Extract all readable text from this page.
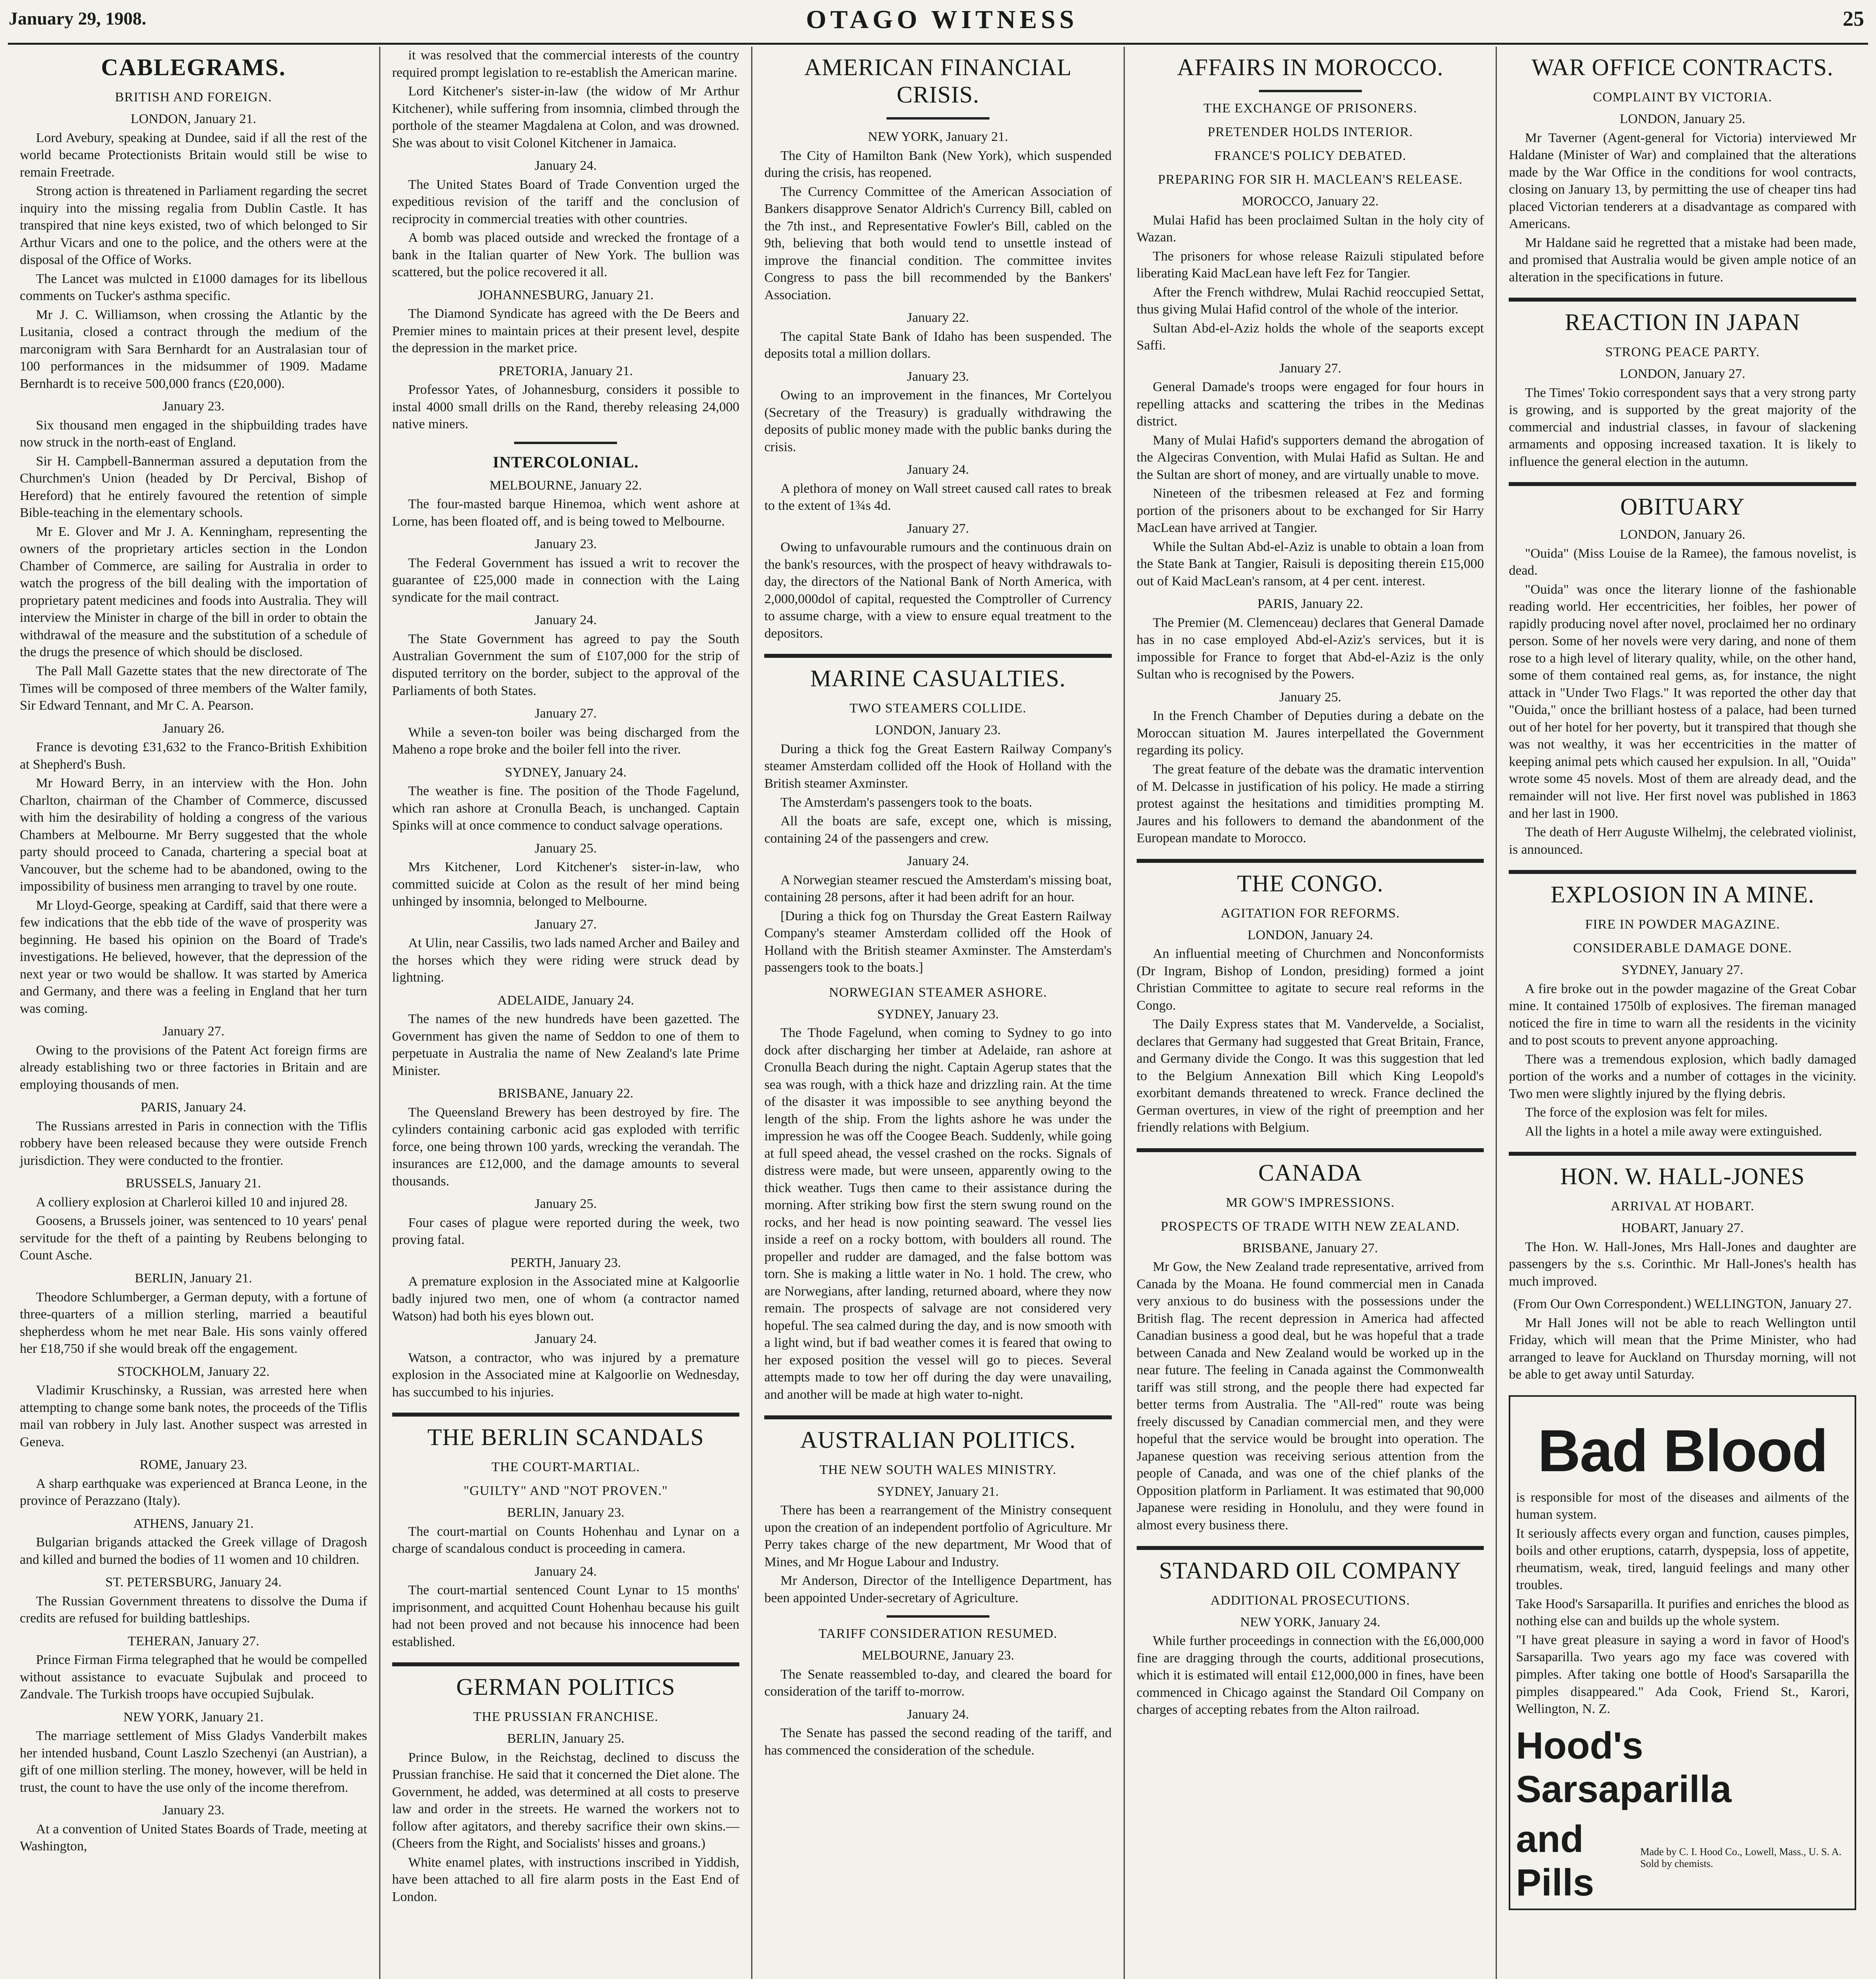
January 29, 1908.	OTAGO WITNESS	25
CABLEGRAMS.
BRITISH AND FOREIGN.

LONDON, January 21.

Lord Avebury, speaking at Dundee, said if all the rest of the world became Protectionists Britain would still be wise to remain Freetrade.

Strong action is threatened in Parliament regarding the secret inquiry into the missing regalia from Dublin Castle. It has transpired that nine keys existed, two of which belonged to Sir Arthur Vicars and one to the police, and the others were at the disposal of the Office of Works.

The Lancet was mulcted in £1000 damages for its libellous comments on Tucker's asthma specific.

Mr J. C. Williamson, when crossing the Atlantic by the Lusitania, closed a contract through the medium of the marconigram with Sara Bernhardt for an Australasian tour of 100 performances in the midsummer of 1909. Madame Bernhardt is to receive 500,000 francs (£20,000).

January 23.

Six thousand men engaged in the shipbuilding trades have now struck in the north-east of England.

Sir H. Campbell-Bannerman assured a deputation from the Churchmen's Union (headed by Dr Percival, Bishop of Hereford) that he entirely favoured the retention of simple Bible-teaching in the elementary schools.

Mr E. Glover and Mr J. A. Kenningham, representing the owners of the proprietary articles section in the London Chamber of Commerce, are sailing for Australia in order to watch the progress of the bill dealing with the importation of proprietary patent medicines and foods into Australia. They will interview the Minister in charge of the bill in order to obtain the withdrawal of the measure and the substitution of a schedule of the drugs the presence of which should be disclosed.

The Pall Mall Gazette states that the new directorate of The Times will be composed of three members of the Walter family, Sir Edward Tennant, and Mr C. A. Pearson.

January 26.

France is devoting £31,632 to the Franco-British Exhibition at Shepherd's Bush.

Mr Howard Berry, in an interview with the Hon. John Charlton, chairman of the Chamber of Commerce, discussed with him the desirability of holding a congress of the various Chambers at Melbourne. Mr Berry suggested that the whole party should proceed to Canada, chartering a special boat at Vancouver, but the scheme had to be abandoned, owing to the impossibility of business men arranging to travel by one route.

Mr Lloyd-George, speaking at Cardiff, said that there were a few indications that the ebb tide of the wave of prosperity was beginning. He based his opinion on the Board of Trade's investigations. He believed, however, that the depression of the next year or two would be shallow. It was started by America and Germany, and there was a feeling in England that her turn was coming.

January 27.

Owing to the provisions of the Patent Act foreign firms are already establishing two or three factories in Britain and are employing thousands of men.

PARIS, January 24.

The Russians arrested in Paris in connection with the Tiflis robbery have been released because they were outside French jurisdiction. They were conducted to the frontier.

BRUSSELS, January 21.

A colliery explosion at Charleroi killed 10 and injured 28.

Goosens, a Brussels joiner, was sentenced to 10 years' penal servitude for the theft of a painting by Reubens belonging to Count Asche.

BERLIN, January 21.

Theodore Schlumberger, a German deputy, with a fortune of three-quarters of a million sterling, married a beautiful shepherdess whom he met near Bale. His sons vainly offered her £18,750 if she would break off the engagement.

STOCKHOLM, January 22.

Vladimir Kruschinsky, a Russian, was arrested here when attempting to change some bank notes, the proceeds of the Tiflis mail van robbery in July last. Another suspect was arrested in Geneva.

ROME, January 23.

A sharp earthquake was experienced at Branca Leone, in the province of Perazzano (Italy).

ATHENS, January 21.

Bulgarian brigands attacked the Greek village of Dragosh and killed and burned the bodies of 11 women and 10 children.

ST. PETERSBURG, January 24.

The Russian Government threatens to dissolve the Duma if credits are refused for building battleships.

TEHERAN, January 27.

Prince Firman Firma telegraphed that he would be compelled without assistance to evacuate Sujbulak and proceed to Zandvale. The Turkish troops have occupied Sujbulak.

NEW YORK, January 21.

The marriage settlement of Miss Gladys Vanderbilt makes her intended husband, Count Laszlo Szechenyi (an Austrian), a gift of one million sterling. The money, however, will be held in trust, the count to have the use only of the income therefrom.

January 23.

At a convention of United States Boards of Trade, meeting at Washington,

it was resolved that the commercial interests of the country required prompt legislation to re-establish the American marine.

Lord Kitchener's sister-in-law (the widow of Mr Arthur Kitchener), while suffering from insomnia, climbed through the porthole of the steamer Magdalena at Colon, and was drowned. She was about to visit Colonel Kitchener in Jamaica.

January 24.

The United States Board of Trade Convention urged the expeditious revision of the tariff and the conclusion of reciprocity in commercial treaties with other countries.

A bomb was placed outside and wrecked the frontage of a bank in the Italian quarter of New York. The bullion was scattered, but the police recovered it all.

JOHANNESBURG, January 21.

The Diamond Syndicate has agreed with the De Beers and Premier mines to maintain prices at their present level, despite the depression in the market price.

PRETORIA, January 21.

Professor Yates, of Johannesburg, considers it possible to instal 4000 small drills on the Rand, thereby releasing 24,000 native miners.

INTERCOLONIAL.

MELBOURNE, January 22.

The four-masted barque Hinemoa, which went ashore at Lorne, has been floated off, and is being towed to Melbourne.

January 23.

The Federal Government has issued a writ to recover the guarantee of £25,000 made in connection with the Laing syndicate for the mail contract.

January 24.

The State Government has agreed to pay the South Australian Government the sum of £107,000 for the strip of disputed territory on the border, subject to the approval of the Parliaments of both States.

January 27.

While a seven-ton boiler was being discharged from the Maheno a rope broke and the boiler fell into the river.

SYDNEY, January 24.

The weather is fine. The position of the Thode Fagelund, which ran ashore at Cronulla Beach, is unchanged. Captain Spinks will at once commence to conduct salvage operations.

January 25.

Mrs Kitchener, Lord Kitchener's sister-in-law, who committed suicide at Colon as the result of her mind being unhinged by insomnia, belonged to Melbourne.

January 27.

At Ulin, near Cassilis, two lads named Archer and Bailey and the horses which they were riding were struck dead by lightning.

ADELAIDE, January 24.

The names of the new hundreds have been gazetted. The Government has given the name of Seddon to one of them to perpetuate in Australia the name of New Zealand's late Prime Minister.

BRISBANE, January 22.

The Queensland Brewery has been destroyed by fire. The cylinders containing carbonic acid gas exploded with terrific force, one being thrown 100 yards, wrecking the verandah. The insurances are £12,000, and the damage amounts to several thousands.

January 25.

Four cases of plague were reported during the week, two proving fatal.

PERTH, January 23.

A premature explosion in the Associated mine at Kalgoorlie badly injured two men, one of whom (a contractor named Watson) had both his eyes blown out.

January 24.

Watson, a contractor, who was injured by a premature explosion in the Associated mine at Kalgoorlie on Wednesday, has succumbed to his injuries.

THE BERLIN SCANDALS
THE COURT-MARTIAL.
"GUILTY" AND "NOT PROVEN."

BERLIN, January 23.

The court-martial on Counts Hohenhau and Lynar on a charge of scandalous conduct is proceeding in camera.

January 24.

The court-martial sentenced Count Lynar to 15 months' imprisonment, and acquitted Count Hohenhau because his guilt had not been proved and not because his innocence had been established.

GERMAN POLITICS
THE PRUSSIAN FRANCHISE.

BERLIN, January 25.

Prince Bulow, in the Reichstag, declined to discuss the Prussian franchise. He said that it concerned the Diet alone. The Government, he added, was determined at all costs to preserve law and order in the streets. He warned the workers not to follow after agitators, and thereby sacrifice their own skins.—(Cheers from the Right, and Socialists' hisses and groans.)

White enamel plates, with instructions inscribed in Yiddish, have been attached to all fire alarm posts in the East End of London.

AMERICAN FINANCIAL CRISIS.

NEW YORK, January 21.

The City of Hamilton Bank (New York), which suspended during the crisis, has reopened.

The Currency Committee of the American Association of Bankers disapprove Senator Aldrich's Currency Bill, cabled on the 7th inst., and Representative Fowler's Bill, cabled on the 9th, believing that both would tend to unsettle instead of improve the financial condition. The committee invites Congress to pass the bill recommended by the Bankers' Association.

January 22.

The capital State Bank of Idaho has been suspended. The deposits total a million dollars.

January 23.

Owing to an improvement in the finances, Mr Cortelyou (Secretary of the Treasury) is gradually withdrawing the deposits of public money made with the public banks during the crisis.

January 24.

A plethora of money on Wall street caused call rates to break to the extent of 1¾s 4d.

January 27.

Owing to unfavourable rumours and the continuous drain on the bank's resources, with the prospect of heavy withdrawals to-day, the directors of the National Bank of North America, with 2,000,000dol of capital, requested the Comptroller of Currency to assume charge, with a view to ensure equal treatment to the depositors.

MARINE CASUALTIES.
TWO STEAMERS COLLIDE.

LONDON, January 23.

During a thick fog the Great Eastern Railway Company's steamer Amsterdam collided off the Hook of Holland with the British steamer Axminster.

The Amsterdam's passengers took to the boats.

All the boats are safe, except one, which is missing, containing 24 of the passengers and crew.

January 24.

A Norwegian steamer rescued the Amsterdam's missing boat, containing 28 persons, after it had been adrift for an hour.

[During a thick fog on Thursday the Great Eastern Railway Company's steamer Amsterdam collided off the Hook of Holland with the British steamer Axminster. The Amsterdam's passengers took to the boats.]

NORWEGIAN STEAMER ASHORE.

SYDNEY, January 23.

The Thode Fagelund, when coming to Sydney to go into dock after discharging her timber at Adelaide, ran ashore at Cronulla Beach during the night. Captain Agerup states that the sea was rough, with a thick haze and drizzling rain. At the time of the disaster it was impossible to see anything beyond the length of the ship. From the lights ashore he was under the impression he was off the Coogee Beach. Suddenly, while going at full speed ahead, the vessel crashed on the rocks. Signals of distress were made, but were unseen, apparently owing to the thick weather. Tugs then came to their assistance during the morning. After striking bow first the stern swung round on the rocks, and her head is now pointing seaward. The vessel lies inside a reef on a rocky bottom, with boulders all round. The propeller and rudder are damaged, and the false bottom was torn. She is making a little water in No. 1 hold. The crew, who are Norwegians, after landing, returned aboard, where they now remain. The prospects of salvage are not considered very hopeful. The sea calmed during the day, and is now smooth with a light wind, but if bad weather comes it is feared that owing to her exposed position the vessel will go to pieces. Several attempts made to tow her off during the day were unavailing, and another will be made at high water to-night.

AUSTRALIAN POLITICS.
THE NEW SOUTH WALES MINISTRY.

SYDNEY, January 21.

There has been a rearrangement of the Ministry consequent upon the creation of an independent portfolio of Agriculture. Mr Perry takes charge of the new department, Mr Wood that of Mines, and Mr Hogue Labour and Industry.

Mr Anderson, Director of the Intelligence Department, has been appointed Under-secretary of Agriculture.

TARIFF CONSIDERATION RESUMED.

MELBOURNE, January 23.

The Senate reassembled to-day, and cleared the board for consideration of the tariff to-morrow.

January 24.

The Senate has passed the second reading of the tariff, and has commenced the consideration of the schedule.

AFFAIRS IN MOROCCO.
THE EXCHANGE OF PRISONERS.
PRETENDER HOLDS INTERIOR.
FRANCE'S POLICY DEBATED.
PREPARING FOR SIR H. MACLEAN'S RELEASE.

MOROCCO, January 22.

Mulai Hafid has been proclaimed Sultan in the holy city of Wazan.

The prisoners for whose release Raizuli stipulated before liberating Kaid MacLean have left Fez for Tangier.

After the French withdrew, Mulai Rachid reoccupied Settat, thus giving Mulai Hafid control of the whole of the interior.

Sultan Abd-el-Aziz holds the whole of the seaports except Saffi.

January 27.

General Damade's troops were engaged for four hours in repelling attacks and scattering the tribes in the Medinas district.

Many of Mulai Hafid's supporters demand the abrogation of the Algeciras Convention, with Mulai Hafid as Sultan. He and the Sultan are short of money, and are virtually unable to move.

Nineteen of the tribesmen released at Fez and forming portion of the prisoners about to be exchanged for Sir Harry MacLean have arrived at Tangier.

While the Sultan Abd-el-Aziz is unable to obtain a loan from the State Bank at Tangier, Raisuli is depositing therein £15,000 out of Kaid MacLean's ransom, at 4 per cent. interest.

PARIS, January 22.

The Premier (M. Clemenceau) declares that General Damade has in no case employed Abd-el-Aziz's services, but it is impossible for France to forget that Abd-el-Aziz is the only Sultan who is recognised by the Powers.

January 25.

In the French Chamber of Deputies during a debate on the Moroccan situation M. Jaures interpellated the Government regarding its policy.

The great feature of the debate was the dramatic intervention of M. Delcasse in justification of his policy. He made a stirring protest against the hesitations and timidities prompting M. Jaures and his followers to demand the abandonment of the European mandate to Morocco.

THE CONGO.
AGITATION FOR REFORMS.

LONDON, January 24.

An influential meeting of Churchmen and Nonconformists (Dr Ingram, Bishop of London, presiding) formed a joint Christian Committee to agitate to secure real reforms in the Congo.

The Daily Express states that M. Vandervelde, a Socialist, declares that Germany had suggested that Great Britain, France, and Germany divide the Congo. It was this suggestion that led to the Belgium Annexation Bill which King Leopold's exorbitant demands threatened to wreck. France declined the German overtures, in view of the right of preemption and her friendly relations with Belgium.

CANADA
MR GOW'S IMPRESSIONS.
PROSPECTS OF TRADE WITH NEW ZEALAND.

BRISBANE, January 27.

Mr Gow, the New Zealand trade representative, arrived from Canada by the Moana. He found commercial men in Canada very anxious to do business with the possessions under the British flag. The recent depression in America had affected Canadian business a good deal, but he was hopeful that a trade between Canada and New Zealand would be worked up in the near future. The feeling in Canada against the Commonwealth tariff was still strong, and the people there had expected far better terms from Australia. The "All-red" route was being freely discussed by Canadian commercial men, and they were hopeful that the service would be brought into operation. The Japanese question was receiving serious attention from the people of Canada, and was one of the chief planks of the Opposition platform in Parliament. It was estimated that 90,000 Japanese were residing in Honolulu, and they were found in almost every business there.

STANDARD OIL COMPANY
ADDITIONAL PROSECUTIONS.

NEW YORK, January 24.

While further proceedings in connection with the £6,000,000 fine are dragging through the courts, additional prosecutions, which it is estimated will entail £12,000,000 in fines, have been commenced in Chicago against the Standard Oil Company on charges of accepting rebates from the Alton railroad.

WAR OFFICE CONTRACTS.
COMPLAINT BY VICTORIA.

LONDON, January 25.

Mr Taverner (Agent-general for Victoria) interviewed Mr Haldane (Minister of War) and complained that the alterations made by the War Office in the conditions for wool contracts, closing on January 13, by permitting the use of cheaper tins had placed Victorian tenderers at a disadvantage as compared with Americans.

Mr Haldane said he regretted that a mistake had been made, and promised that Australia would be given ample notice of an alteration in the specifications in future.

REACTION IN JAPAN
STRONG PEACE PARTY.

LONDON, January 27.

The Times' Tokio correspondent says that a very strong party is growing, and is supported by the great majority of the commercial and industrial classes, in favour of slackening armaments and opposing increased taxation. It is likely to influence the general election in the autumn.

OBITUARY

LONDON, January 26.

"Ouida" (Miss Louise de la Ramee), the famous novelist, is dead.

"Ouida" was once the literary lionne of the fashionable reading world. Her eccentricities, her foibles, her power of rapidly producing novel after novel, proclaimed her no ordinary person. Some of her novels were very daring, and none of them rose to a high level of literary quality, while, on the other hand, some of them contained real gems, as, for instance, the night attack in "Under Two Flags." It was reported the other day that "Ouida," once the brilliant hostess of a palace, had been turned out of her hotel for her poverty, but it transpired that though she was not wealthy, it was her eccentricities in the matter of keeping animal pets which caused her expulsion. In all, "Ouida" wrote some 45 novels. Most of them are already dead, and the remainder will not live. Her first novel was published in 1863 and her last in 1900.

The death of Herr Auguste Wilhelmj, the celebrated violinist, is announced.

EXPLOSION IN A MINE.
FIRE IN POWDER MAGAZINE.
CONSIDERABLE DAMAGE DONE.

SYDNEY, January 27.

A fire broke out in the powder magazine of the Great Cobar mine. It contained 1750lb of explosives. The fireman managed noticed the fire in time to warn all the residents in the vicinity and to post scouts to prevent anyone approaching.

There was a tremendous explosion, which badly damaged portion of the works and a number of cottages in the vicinity. Two men were slightly injured by the flying debris.

The force of the explosion was felt for miles.

All the lights in a hotel a mile away were extinguished.

HON. W. HALL-JONES
ARRIVAL AT HOBART.

HOBART, January 27.

The Hon. W. Hall-Jones, Mrs Hall-Jones and daughter are passengers by the s.s. Corinthic. Mr Hall-Jones's health has much improved.

(From Our Own Correspondent.) WELLINGTON, January 27.

Mr Hall Jones will not be able to reach Wellington until Friday, which will mean that the Prime Minister, who had arranged to leave for Auckland on Thursday morning, will not be able to get away until Saturday.

Bad Blood

is responsible for most of the diseases and ailments of the human system.

It seriously affects every organ and function, causes pimples, boils and other eruptions, catarrh, dyspepsia, loss of appetite, rheumatism, weak, tired, languid feelings and many other troubles.

Take Hood's Sarsaparilla. It purifies and enriches the blood as nothing else can and builds up the whole system.

"I have great pleasure in saying a word in favor of Hood's Sarsaparilla. Two years ago my face was covered with pimples. After taking one bottle of Hood's Sarsaparilla the pimples disappeared." Ada Cook, Friend St., Karori, Wellington, N. Z.

Hood's Sarsaparilla
and Pills
Made by C. I. Hood Co., Lowell, Mass., U. S. A. Sold by chemists.
